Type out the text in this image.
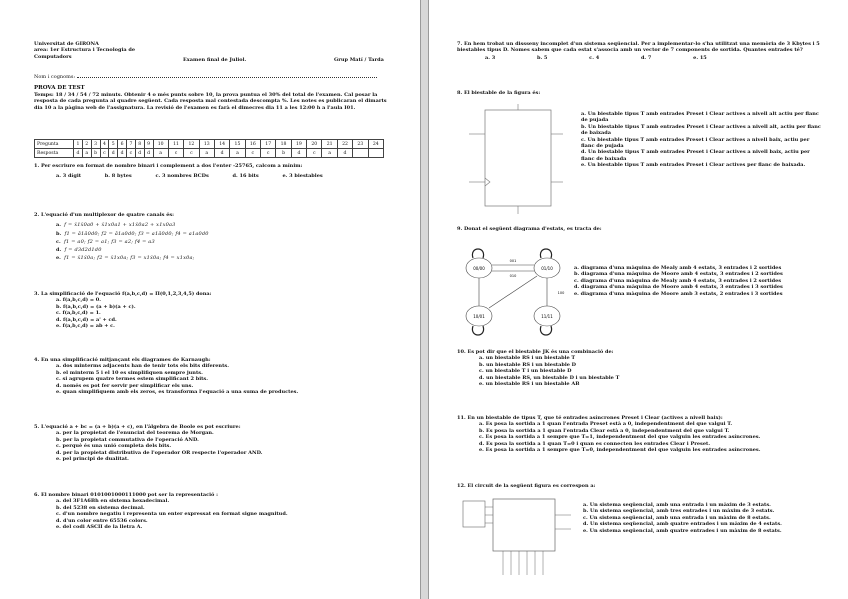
Universitat de GIRONA
area: 1er Estructura i Tecnologia de
Computadors
Examen final de Juliol.	Grup Matí / Tarda
Nom i cognoms:
PROVA DE TEST
Temps: 18 / 34 / 54 / 72 minuts. Obtenir 4 o més punts sobre 10, la prova puntua el 30% del total de l'examen. Cal posar la resposta de cada pregunta al quadre següent. Cada resposta mal contestada descompta %. Les notes es publicaran el dimarts dia 10 a la pàgina web de l'assignatura. La revisió de l'examen es farà el dimecres dia 11 a les 12:00 h a l'aula I01.
Pregunta	1	2	3	4	5	6	7	8	9	10	11	12	13	14	15	16	17	18	19	20	21	22	23	24
Resposta	d	a	b	c	d	d	c	d	d	a	c	c	a	d	a	c	c	b	d	c	a	d		
1. Per escriure en format de nombre binari i complement a dos l'enter -25765, calcom a mínim:
a. 3 dígit	b. 8 bytes	c. 3 nombres BCDs	d. 16 bits	e. 3 biestables
2. L'equació d'un multiplexor de quatre canals és:
a. f = x̄1x̄0a0 + x̄1x0a1 + x1x̄0a2 + x1x0a3
b. f1 = ā1ā0d0; f2 = ā1a0d0; f3 = a1ā0d0; f4 = a1a0d0
c. f1 = a0; f2 = a1; f3 = a2; f4 = a3
d. f = d3d2d1d0
e. f1 = x̄1x̄0a; f2 = x̄1x0a; f3 = x1x̄0a; f4 = x1x0a;
3. La simplificació de l'equació f(a,b,c,d) = Π(0,1,2,3,4,5) dona:
a. f(a,b,c,d) = 0.
b. f(a,b,c,d) = (a + b)(a + c).
c. f(a,b,c,d) = 1.
d. f(a,b,c,d) = a' + cd.
e. f(a,b,c,d) = ab + c.
4. En una simplificació mitjançant els diagrames de Karnaugh:
a. dos minterms adjacents han de tenir tots els bits diferents.
b. el minterm 5 i el 10 es simplifiquen sempre junts.
c. si agrupem quatre termes estem simplificant 2 bits.
d. només es pot fer servir per simplificar els uns.
e. quan simplifiquem amb els zeros, es transforma l'equació a una suma de productes.
5. L'equació a + bc = (a + b)(a + c), en l'àlgebra de Boole es pot escriure:
a. per la propietat de l'enunciat del teorema de Morgan.
b. per la propietat commutativa de l'operació AND.
c. perquè és una unió completa dels bits.
d. per la propietat distributiva de l'operador OR respecte l'operador AND.
e. pel principi de dualitat.
6. El nombre binari 0101001000111000 pot ser la representació :
a. del 3F1A6Bh en sistema hexadecimal.
b. del 5238 en sistema decimal.
c. d'un nombre negatiu i representa un enter expressat en format signe magnitud.
d. d'un color entre 65536 colors.
e. del codi ASCII de la lletra A.
7. En hem trobat un dissseny incomplet d'un sistema seqüencial. Per a implementar-lo s'ha utilitzat una memòria de 3 Kbytes i 5 biestables tipus D. Nomes sabem que cada estat s'associa amb un vector de 7 components de sortida. Quantes entrades té?
a. 3	b. 5	c. 4	d. 7	e. 15
8. El biestable de la figura és:
a. Un biestable tipus T amb entrades Preset i Clear actives a nivell alt actiu per flanc de pujada
b. Un biestable tipus T amb entrades Preset i Clear actives a nivell alt, actiu per flanc de baixada
c. Un biestable tipus T amb entrades Preset i Clear actives a nivell baix, actiu per flanc de pujada
d. Un biestable tipus T amb entrades Preset i Clear actives a nivell baix, actiu per flanc de baixada
e. Un biestable tipus T amb entrades Preset i Clear actives per flanc de baixada.
9. Donat el següent diagrama d'estats, es tracta de:
00/00	01/10
10/01	11/11
001
010
100
a. diagrama d'una màquina de Mealy amb 4 estats, 3 entrades i 2 sortides
b. diagrama d'una màquina de Moore amb 4 estats, 3 entrades i 2 sortides
c. diagrama d'una màquina de Mealy amb 4 estats, 3 entrades i 2 sortides
d. diagrama d'una màquina de Moore amb 4 estats, 3 entrades i 3 sortides
e. diagrama d'una màquina de Moore amb 3 estats, 2 entrades i 3 sortides
10. Es pot dir que el biestable JK és una combinació de:
a. un biestable RS i un biestable T
b. un biestable RS i un biestable D
c. un biestable T i un biestable D
d. un biestable RS, un biestable D i un biestable T
e. un biestable RS i un biestable AB
11. En un biestable de tipus T, que té entrades asíncrones Preset i Clear (actives a nivell baix):
a. Es posa la sortida a 1 quan l'entrada Preset està a 0, independentment del que valgui T.
b. Es posa la sortida a 1 quan l'entrada Clear està a 0, independentment del que valgui T.
c. Es posa la sortida a 1 sempre que T=1, independentment del que valguin les entrades asíncrones.
d. Es posa la sortida a 1 quan T=0 i quan es connecten les entrades Clear i Preset.
e. Es posa la sortida a 1 sempre que T=0, independentment del que valguin les entrades asíncrones.
12. El circuit de la següent figura es correspon a:
a. Un sistema seqüencial, amb una entrada i un màxim de 3 estats.
b. Un sistema seqüencial, amb tres entrades i un màxim de 3 estats.
c. Un sistema seqüencial, amb una entrada i un màxim de 8 estats.
d. Un sistema seqüencial, amb quatre entrades i un màxim de 4 estats.
e. Un sistema seqüencial, amb quatre entrades i un màxim de 8 estats.
